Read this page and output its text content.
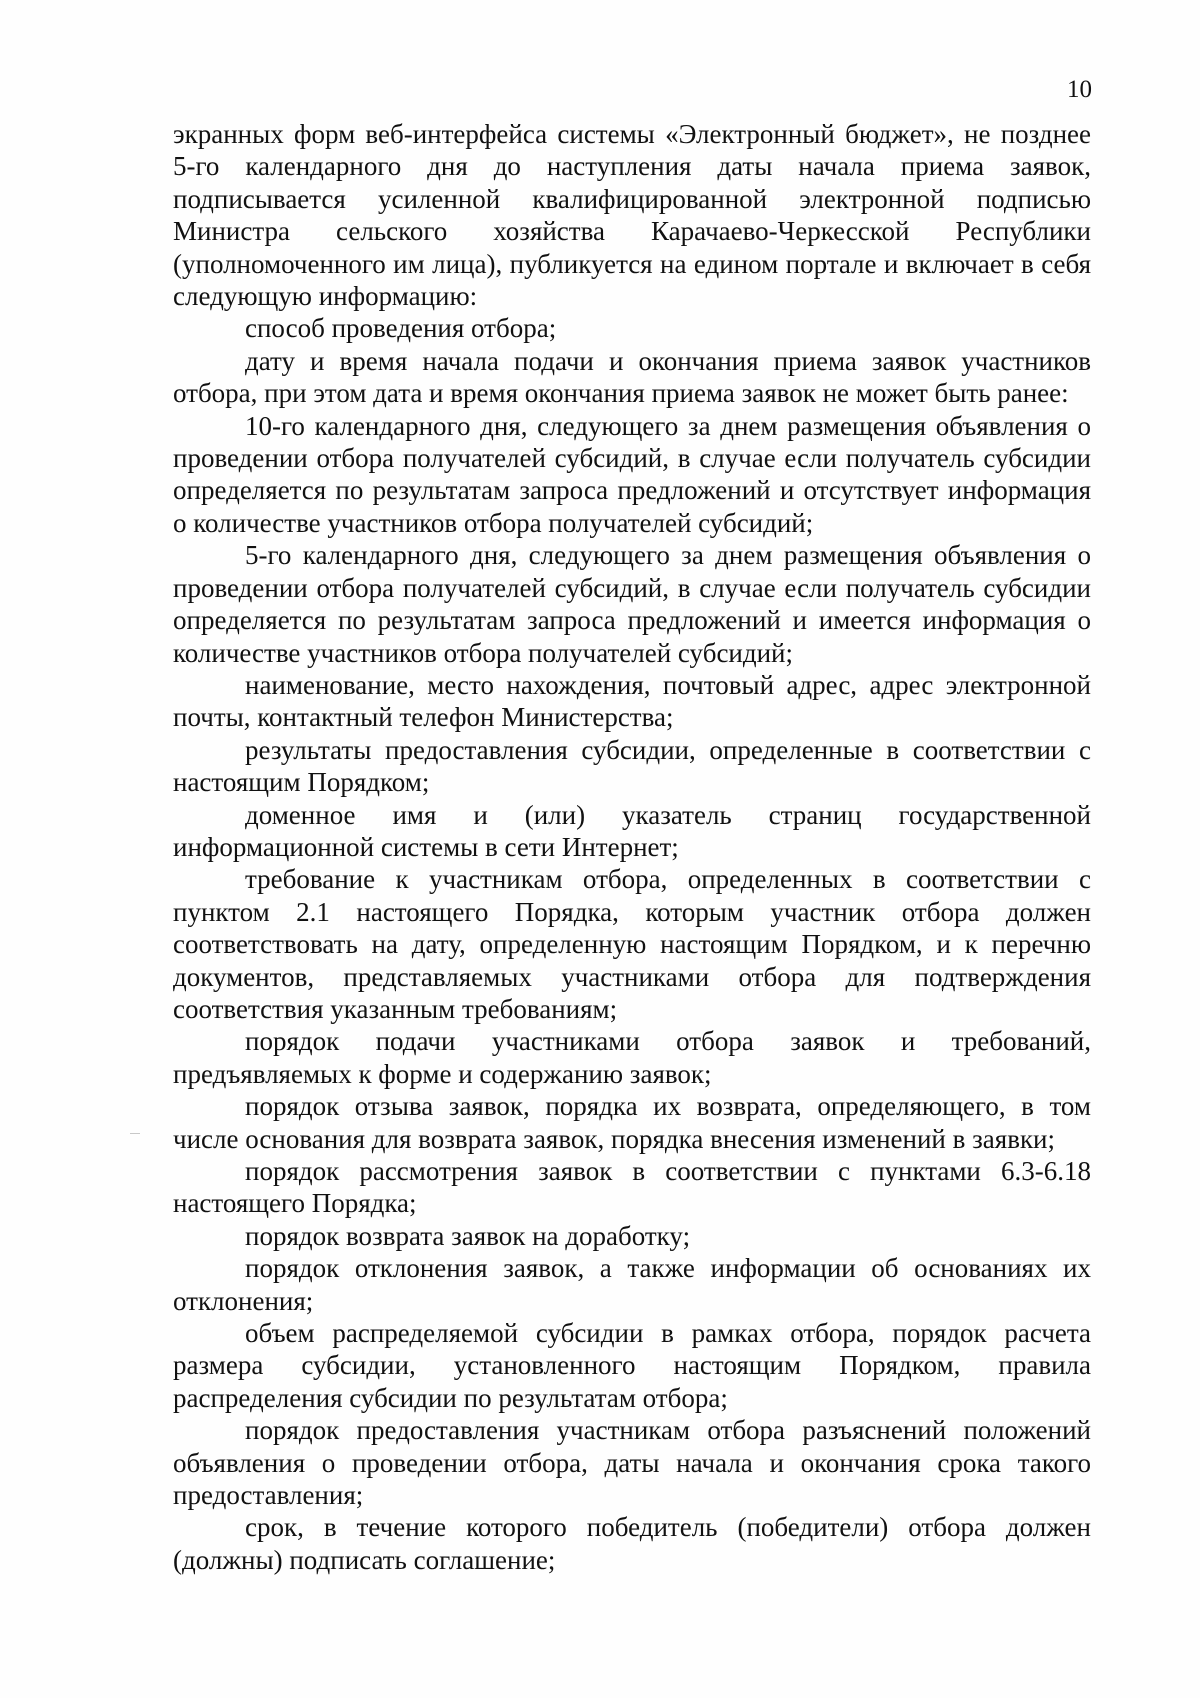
10

экранных форм веб-интерфейса системы «Электронный бюджет», не позднее 5-го календарного дня до наступления даты начала приема заявок, подписывается усиленной квалифицированной электронной подписью Министра сельского хозяйства Карачаево-Черкесской Республики (уполномоченного им лица), публикуется на едином портале и включает в себя следующую информацию:

способ проведения отбора;

дату и время начала подачи и окончания приема заявок участников отбора, при этом дата и время окончания приема заявок не может быть ранее:

10-го календарного дня, следующего за днем размещения объявления о проведении отбора получателей субсидий, в случае если получатель субсидии определяется по результатам запроса предложений и отсутствует информация о количестве участников отбора получателей субсидий;

5-го календарного дня, следующего за днем размещения объявления о проведении отбора получателей субсидий, в случае если получатель субсидии определяется по результатам запроса предложений и имеется информация о количестве участников отбора получателей субсидий;

наименование, место нахождения, почтовый адрес, адрес электронной почты, контактный телефон Министерства;

результаты предоставления субсидии, определенные в соответствии с настоящим Порядком;

доменное имя и (или) указатель страниц государственной информационной системы в сети Интернет;

требование к участникам отбора, определенных в соответствии с пунктом 2.1 настоящего Порядка, которым участник отбора должен соответствовать на дату, определенную настоящим Порядком, и к перечню документов, представляемых участниками отбора для подтверждения соответствия указанным требованиям;

порядок подачи участниками отбора заявок и требований, предъявляемых к форме и содержанию заявок;

порядок отзыва заявок, порядка их возврата, определяющего, в том числе основания для возврата заявок, порядка внесения изменений в заявки;

порядок рассмотрения заявок в соответствии с пунктами 6.3-6.18 настоящего Порядка;

порядок возврата заявок на доработку;

порядок отклонения заявок, а также информации об основаниях их отклонения;

объем распределяемой субсидии в рамках отбора, порядок расчета размера субсидии, установленного настоящим Порядком, правила распределения субсидии по результатам отбора;

порядок предоставления участникам отбора разъяснений положений объявления о проведении отбора, даты начала и окончания срока такого предоставления;

срок, в течение которого победитель (победители) отбора должен (должны) подписать соглашение;
